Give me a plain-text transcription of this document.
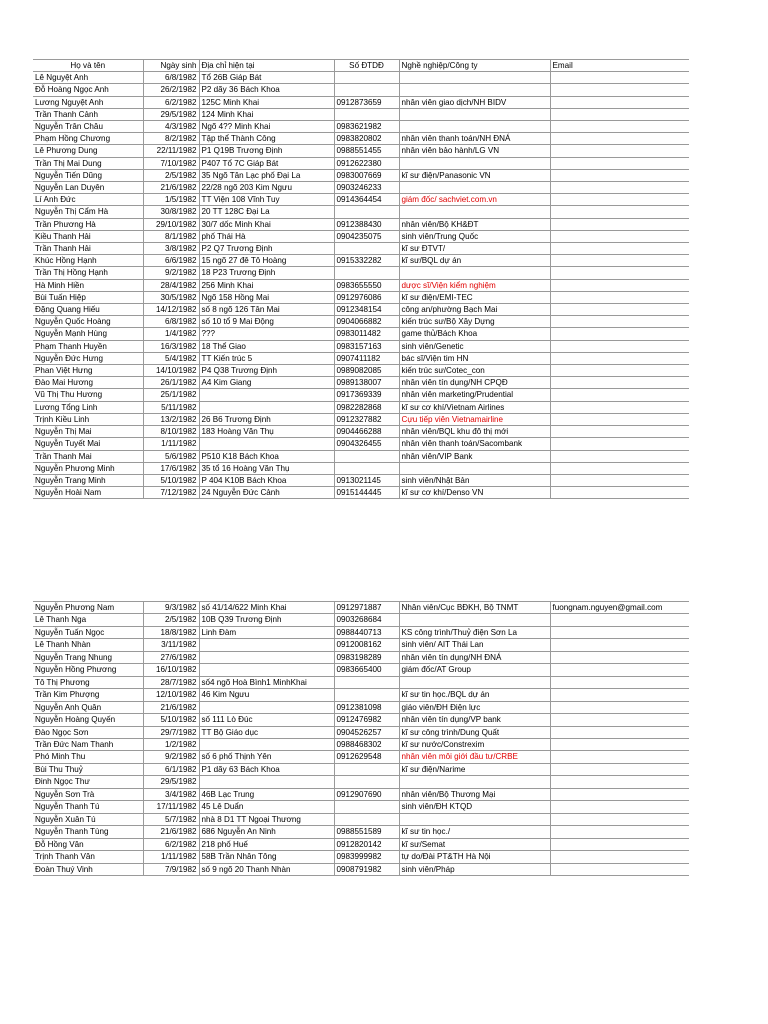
Họ và tên	Ngày sinh	Địa chỉ hiện tại	Số ĐTDĐ	Nghề nghiệp/Công ty	Email
Lê Nguyệt Anh	6/8/1982	Tổ 26B Giáp Bát			
Đỗ Hoàng Ngọc Anh	26/2/1982	P2 dãy 36 Bách Khoa			
Lương Nguyệt Anh	6/2/1982	125C Minh Khai	0912873659	nhân viên giao dịch/NH BIDV	
Trần Thanh Cảnh	29/5/1982	124 Minh Khai			
Nguyễn Trân Châu	4/3/1982	Ngõ 4?? Minh Khai	0983621982		
Phạm Hồng Chương	8/2/1982	Tập thể Thành Công	0983820802	nhân viên thanh toán/NH ĐNÁ	
Lê Phương Dung	22/11/1982	P1 Q19B Trương Định	0988551455	nhân viên bảo hành/LG VN	
Trần Thị Mai Dung	7/10/1982	P407 Tổ 7C Giáp Bát	0912622380		
Nguyễn Tiến Dũng	2/5/1982	35 Ngõ Tân Lạc phố Đại La	0983007669	kĩ sư điện/Panasonic VN	
Nguyễn Lan Duyên	21/6/1982	22/28 ngõ 203 Kim Ngưu	0903246233		
Lí Anh Đức	1/5/1982	TT Viện 108 Vĩnh Tuy	0914364454	giám đốc/ sachviet.com.vn	
Nguyễn Thị Cẩm Hà	30/8/1982	20 TT 128C Đại La			
Trần Phương Hà	29/10/1982	30/7 dốc Minh Khai	0912388430	nhân viên/Bộ KH&ĐT	
Kiều Thanh Hải	8/1/1982	phố Thái Hà	0904235075	sinh viên/Trung Quốc	
Trần Thanh Hải	3/8/1982	P2 Q7 Trương Định		kĩ sư ĐTVT/	
Khúc Hồng Hạnh	6/6/1982	15 ngõ 27 đê Tô Hoàng	0915332282	kĩ sư/BQL dự án	
Trần Thị Hồng Hạnh	9/2/1982	18 P23 Trương Định			
Hà Minh Hiền	28/4/1982	256 Minh Khai	0983655550	dược sĩ/Viện kiểm nghiệm	
Bùi Tuấn Hiệp	30/5/1982	Ngõ 158 Hồng Mai	0912976086	kĩ sư điện/EMI-TEC	
Đặng Quang Hiếu	14/12/1982	số 8 ngõ 126 Tân Mai	0912348154	công an/phường Bạch Mai	
Nguyễn Quốc Hoàng	6/8/1982	số 10 tổ 9 Mai Động	0904066882	kiến trúc sư/Bộ Xây Dựng	
Nguyễn Mạnh Hùng	1/4/1982	???	0983011482	game thủ/Bách Khoa	
Phạm Thanh Huyền	16/3/1982	18 Thể Giao	0983157163	sinh viên/Genetic	
Nguyễn Đức Hưng	5/4/1982	TT Kiến trúc 5	0907411182	bác sĩ/Viện tim HN	
Phan Việt Hưng	14/10/1982	P4 Q38 Trương Định	0989082085	kiến trúc sư/Cotec_con	
Đào Mai Hương	26/1/1982	A4 Kim Giang	0989138007	nhân viên tín dụng/NH CPQĐ	
Vũ Thị Thu Hương	25/1/1982		0917369339	nhân viên marketing/Prudential	
Lương Tổng Linh	5/11/1982		0982282868	kĩ sư cơ khí/Vietnam Airlines	
Trịnh Kiều Linh	13/2/1982	26 B6 Trương Định	0912327882	Cựu tiếp viên Vietnamairline	
Nguyễn Thị Mai	8/10/1982	183 Hoàng Văn Thụ	0904466288	nhân viên/BQL khu đô thị mới	
Nguyễn Tuyết Mai	1/11/1982		0904326455	nhân viên thanh toán/Sacombank	
Trần Thanh Mai	5/6/1982	P510 K18 Bách Khoa		nhân viên/VIP Bank	
Nguyễn Phương Minh	17/6/1982	35 tổ 16 Hoàng Văn Thụ			
Nguyễn Trang Minh	5/10/1982	P 404 K10B Bách Khoa	0913021145	sinh viên/Nhật Bản	
Nguyễn Hoài Nam	7/12/1982	24 Nguyễn Đức Cảnh	0915144445	kĩ sư cơ khí/Denso VN	
Nguyễn Phương Nam	9/3/1982	số 41/14/622 Minh Khai	0912971887	Nhân viên/Cục BĐKH, Bộ TNMT	fuongnam.nguyen@gmail.com
Lê Thanh Nga	2/5/1982	10B Q39 Trương Định	0903268684		
Nguyễn Tuấn Ngọc	18/8/1982	Linh Đàm	0988440713	KS công trình/Thuỷ điện Sơn La	
Lê Thanh Nhàn	3/11/1982		0912008162	sinh viên/ AIT Thái Lan	
Nguyễn Trang Nhung	27/6/1982		0983198289	nhân viên tín dụng/NH ĐNÁ	
Nguyễn Hồng Phương	16/10/1982		0983665400	giám đốc/AT Group	
Tô Thị Phương	28/7/1982	số4 ngõ Hoà Bình1 MinhKhai			
Trần Kim Phượng	12/10/1982	46 Kim Ngưu		kĩ sư tin học./BQL dự án	
Nguyễn Anh Quân	21/6/1982		0912381098	giáo viên/ĐH Điện lực	
Nguyễn Hoàng Quyến	5/10/1982	số 111 Lò Đúc	0912476982	nhân viên tín dụng/VP bank	
Đào Ngọc Sơn	29/7/1982	TT Bộ Giáo dục	0904526257	kĩ sư công trình/Dung Quất	
Trần Đức Nam Thanh	1/2/1982		0988468302	kĩ sư nước/Constrexim	
Phó Minh Thu	9/2/1982	số 6 phố Thịnh Yên	0912629548	nhân viên môi giới đầu tư/CRBE	
Bùi Thu Thuỷ	6/1/1982	P1 dãy 63 Bách Khoa		kĩ sư điện/Narime	
Đinh Ngọc Thư	29/5/1982				
Nguyễn Sơn Trà	3/4/1982	46B Lạc Trung	0912907690	nhân viên/Bộ Thương Mại	
Nguyễn Thanh Tú	17/11/1982	45 Lê Duẩn		sinh viên/ĐH KTQD	
Nguyễn Xuân Tú	5/7/1982	nhà 8 D1 TT Ngoại Thương			
Nguyễn Thanh Tùng	21/6/1982	686 Nguyễn An Ninh	0988551589	kĩ sư tin học./	
Đỗ Hồng Vân	6/2/1982	218 phố Huế	0912820142	kĩ sư/Semat	
Trịnh Thanh Vân	1/11/1982	58B Trần Nhân Tông	0983999982	tự do/Đài PT&TH Hà Nội	
Đoàn Thuý Vinh	7/9/1982	số 9 ngõ 20 Thanh Nhàn	0908791982	sinh viên/Pháp	
